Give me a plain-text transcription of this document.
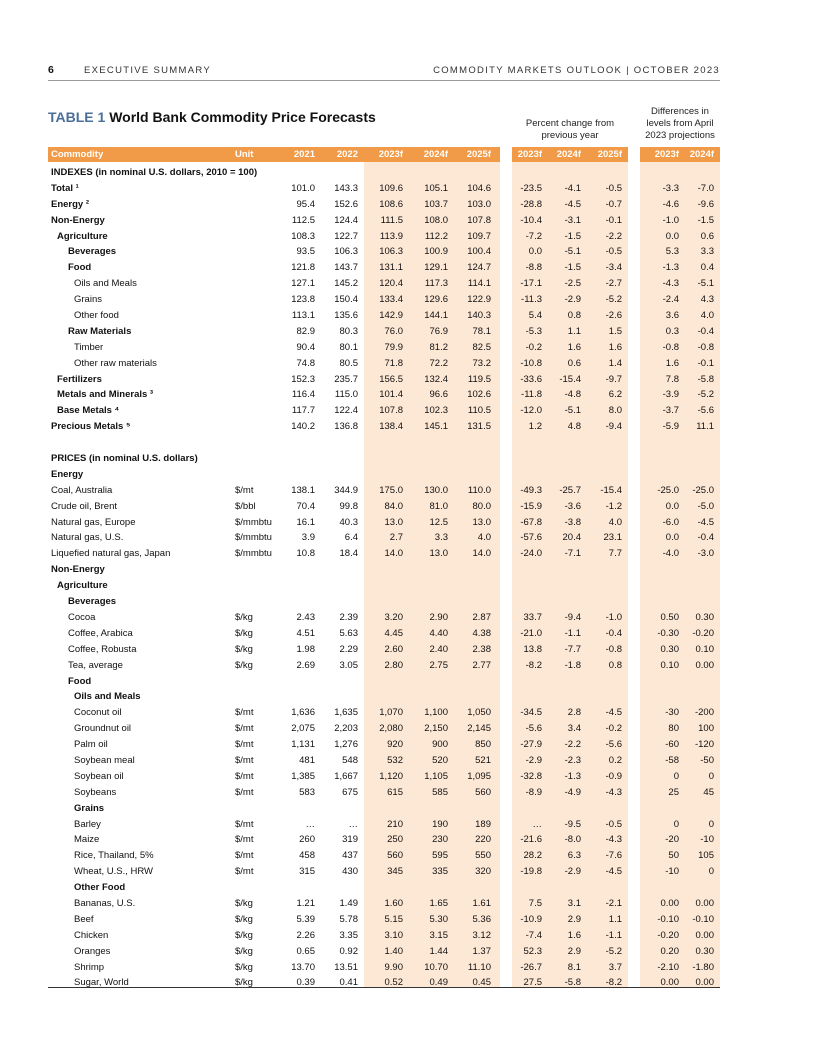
6	EXECUTIVE SUMMARY	COMMODITY MARKETS OUTLOOK | OCTOBER 2023
TABLE 1 World Bank Commodity Price Forecasts	Percent change from
previous year
Differences in
levels from April
2023 projections
Commodity	Unit	2021	2022	2023f	2024f	2025f	2023f	2024f	2025f	2023f	2024f
INDEXES (in nominal U.S. dollars, 2010 = 100)
Total ¹	101.0	143.3	109.6	105.1	104.6	-23.5	-4.1	-0.5	-3.3	-7.0
Energy ²	95.4	152.6	108.6	103.7	103.0	-28.8	-4.5	-0.7	-4.6	-9.6
Non-Energy	112.5	124.4	111.5	108.0	107.8	-10.4	-3.1	-0.1	-1.0	-1.5
Agriculture	108.3	122.7	113.9	112.2	109.7	-7.2	-1.5	-2.2	0.0	0.6
Beverages	93.5	106.3	106.3	100.9	100.4	0.0	-5.1	-0.5	5.3	3.3
Food	121.8	143.7	131.1	129.1	124.7	-8.8	-1.5	-3.4	-1.3	0.4
Oils and Meals	127.1	145.2	120.4	117.3	114.1	-17.1	-2.5	-2.7	-4.3	-5.1
Grains	123.8	150.4	133.4	129.6	122.9	-11.3	-2.9	-5.2	-2.4	4.3
Other food	113.1	135.6	142.9	144.1	140.3	5.4	0.8	-2.6	3.6	4.0
Raw Materials	82.9	80.3	76.0	76.9	78.1	-5.3	1.1	1.5	0.3	-0.4
Timber	90.4	80.1	79.9	81.2	82.5	-0.2	1.6	1.6	-0.8	-0.8
Other raw materials	74.8	80.5	71.8	72.2	73.2	-10.8	0.6	1.4	1.6	-0.1
Fertilizers	152.3	235.7	156.5	132.4	119.5	-33.6	-15.4	-9.7	7.8	-5.8
Metals and Minerals ³	116.4	115.0	101.4	96.6	102.6	-11.8	-4.8	6.2	-3.9	-5.2
Base Metals ⁴	117.7	122.4	107.8	102.3	110.5	-12.0	-5.1	8.0	-3.7	-5.6
Precious Metals ⁵	140.2	136.8	138.4	145.1	131.5	1.2	4.8	-9.4	-5.9	11.1
PRICES (in nominal U.S. dollars)
Energy
Coal, Australia	$/mt	138.1	344.9	175.0	130.0	110.0	-49.3	-25.7	-15.4	-25.0	-25.0
Crude oil, Brent	$/bbl	70.4	99.8	84.0	81.0	80.0	-15.9	-3.6	-1.2	0.0	-5.0
Natural gas, Europe	$/mmbtu	16.1	40.3	13.0	12.5	13.0	-67.8	-3.8	4.0	-6.0	-4.5
Natural gas, U.S.	$/mmbtu	3.9	6.4	2.7	3.3	4.0	-57.6	20.4	23.1	0.0	-0.4
Liquefied natural gas, Japan	$/mmbtu	10.8	18.4	14.0	13.0	14.0	-24.0	-7.1	7.7	-4.0	-3.0
Non-Energy
Agriculture
Beverages
Cocoa	$/kg	2.43	2.39	3.20	2.90	2.87	33.7	-9.4	-1.0	0.50	0.30
Coffee, Arabica	$/kg	4.51	5.63	4.45	4.40	4.38	-21.0	-1.1	-0.4	-0.30	-0.20
Coffee, Robusta	$/kg	1.98	2.29	2.60	2.40	2.38	13.8	-7.7	-0.8	0.30	0.10
Tea, average	$/kg	2.69	3.05	2.80	2.75	2.77	-8.2	-1.8	0.8	0.10	0.00
Food
Oils and Meals
Coconut oil	$/mt	1,636	1,635	1,070	1,100	1,050	-34.5	2.8	-4.5	-30	-200
Groundnut oil	$/mt	2,075	2,203	2,080	2,150	2,145	-5.6	3.4	-0.2	80	100
Palm oil	$/mt	1,131	1,276	920	900	850	-27.9	-2.2	-5.6	-60	-120
Soybean meal	$/mt	481	548	532	520	521	-2.9	-2.3	0.2	-58	-50
Soybean oil	$/mt	1,385	1,667	1,120	1,105	1,095	-32.8	-1.3	-0.9	0	0
Soybeans	$/mt	583	675	615	585	560	-8.9	-4.9	-4.3	25	45
Grains
Barley	$/mt	…	…	210	190	189	…	-9.5	-0.5	0	0
Maize	$/mt	260	319	250	230	220	-21.6	-8.0	-4.3	-20	-10
Rice, Thailand, 5%	$/mt	458	437	560	595	550	28.2	6.3	-7.6	50	105
Wheat, U.S., HRW	$/mt	315	430	345	335	320	-19.8	-2.9	-4.5	-10	0
Other Food
Bananas, U.S.	$/kg	1.21	1.49	1.60	1.65	1.61	7.5	3.1	-2.1	0.00	0.00
Beef	$/kg	5.39	5.78	5.15	5.30	5.36	-10.9	2.9	1.1	-0.10	-0.10
Chicken	$/kg	2.26	3.35	3.10	3.15	3.12	-7.4	1.6	-1.1	-0.20	0.00
Oranges	$/kg	0.65	0.92	1.40	1.44	1.37	52.3	2.9	-5.2	0.20	0.30
Shrimp	$/kg	13.70	13.51	9.90	10.70	11.10	-26.7	8.1	3.7	-2.10	-1.80
Sugar, World	$/kg	0.39	0.41	0.52	0.49	0.45	27.5	-5.8	-8.2	0.00	0.00
